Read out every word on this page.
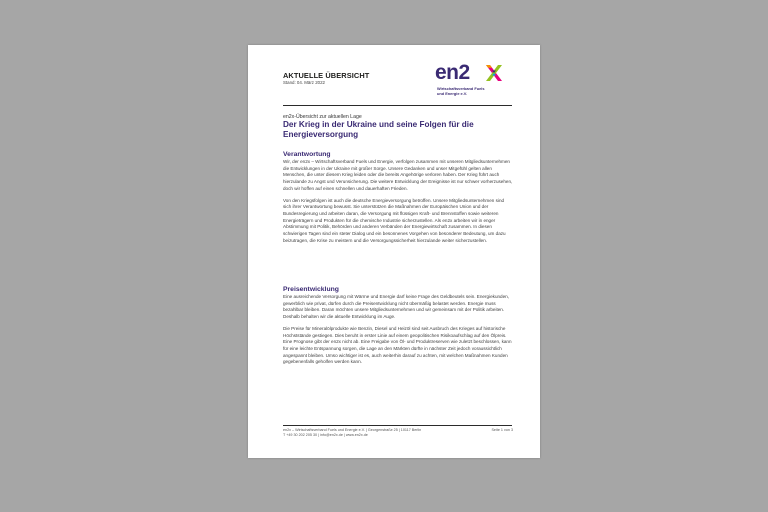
AKTUELLE ÜBERSICHT
Stand: 04. März 2022	en2
Wirtschaftsverband Fuels
und Energie e.V.
en2x-Übersicht zur aktuellen Lage
Der Krieg in der Ukraine und seine Folgen für die Energieversorgung
Verantwortung

Wir, der en2x – Wirtschaftsverband Fuels und Energie, verfolgen zusammen mit unseren Mitgliedsunternehmen die Entwicklungen in der Ukraine mit großer Sorge. Unsere Gedanken und unser Mitgefühl gelten allen Menschen, die unter diesem Krieg leiden oder die bereits Angehörige verloren haben. Der Krieg führt auch hierzulande zu Angst und Verunsicherung. Die weitere Entwicklung der Ereignisse ist nur schwer vorherzusehen, doch wir hoffen auf einen schnellen und dauerhaften Frieden.

Von den Kriegsfolgen ist auch die deutsche Energieversorgung betroffen. Unsere Mitgliedsunternehmen sind sich ihrer Verantwortung bewusst. Sie unterstützen die Maßnahmen der Europäischen Union und der Bundesregierung und arbeiten daran, die Versorgung mit flüssigen Kraft- und Brennstoffen sowie weiteren Energieträgern und Produkten für die chemische Industrie sicherzustellen. Als en2x arbeiten wir in enger Abstimmung mit Politik, Behörden und anderen Verbänden der Energiewirtschaft zusammen. In diesen schwierigen Tagen sind ein steter Dialog und ein besonnenes Vorgehen von besonderer Bedeutung, um dazu beizutragen, die Krise zu meistern und die Versorgungssicherheit hierzulande weiter sicherzustellen.

Preisentwicklung

Eine ausreichende Versorgung mit Wärme und Energie darf keine Frage des Geldbeutels sein. Energiekunden, gewerblich wie privat, dürfen durch die Preisentwicklung nicht übermäßig belastet werden. Energie muss bezahlbar bleiben. Daran möchten unsere Mitgliedsunternehmen und wir gemeinsam mit der Politik arbeiten. Deshalb behalten wir die aktuelle Entwicklung im Auge.

Die Preise für Mineralölprodukte wie Benzin, Diesel und Heizöl sind seit Ausbruch des Krieges auf historische Höchststände gestiegen. Dies beruht in erster Linie auf einem geopolitischen Risikoaufschlag auf den Ölpreis. Eine Prognose gibt der en2x nicht ab. Eine Freigabe von Öl- und Produktreserven wie zuletzt beschlossen, kann für eine leichte Entspannung sorgen, die Lage an den Märkten dürfte in nächster Zeit jedoch voraussichtlich angespannt bleiben. Umso wichtiger ist es, auch weiterhin darauf zu achten, mit welchen Maßnahmen Kunden gegebenenfalls geholfen werden kann.

en2x – Wirtschaftsverband Fuels und Energie e.V. | Georgenstraße 25 | 10117 Berlin
T +49 30 202 205 30 | info@en2x.de | www.en2x.de
Seite 1 von 3
